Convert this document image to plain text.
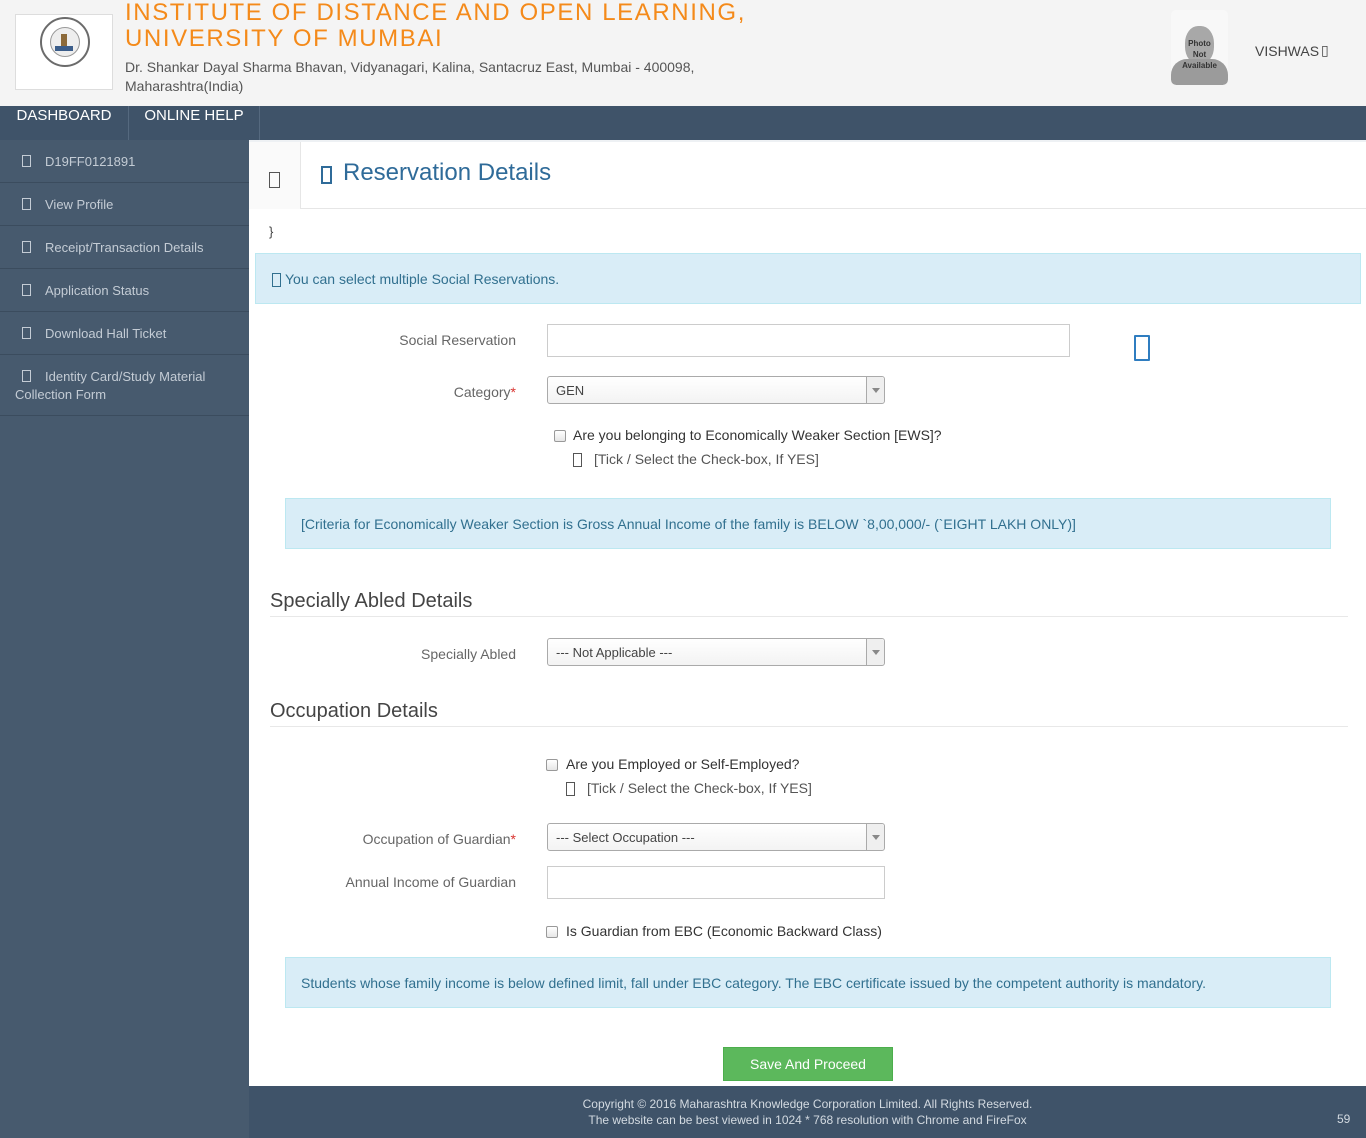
INSTITUTE OF DISTANCE AND OPEN LEARNING,
UNIVERSITY OF MUMBAI
Dr. Shankar Dayal Sharma Bhavan, Vidyanagari, Kalina, Santacruz East, Mumbai - 400098,
Maharashtra(India)
Photo
Not
Available
VISHWAS ▯
DASHBOARD	ONLINE HELP
D19FF0121891
View Profile
Receipt/Transaction Details
Application Status
Download Hall Ticket
Identity Card/Study Material
Collection Form
Reservation Details
}
You can select multiple Social Reservations.
Social Reservation
Category*	GEN
Are you belonging to Economically Weaker Section [EWS]?
[Tick / Select the Check-box, If YES]
[Criteria for Economically Weaker Section is Gross Annual Income of the family is BELOW `8,00,000/- (`EIGHT LAKH ONLY)]
Specially Abled Details
Specially Abled	--- Not Applicable ---
Occupation Details
Are you Employed or Self-Employed?
[Tick / Select the Check-box, If YES]
Occupation of Guardian*	--- Select Occupation ---
Annual Income of Guardian
Is Guardian from EBC (Economic Backward Class)
Students whose family income is below defined limit, fall under EBC category. The EBC certificate issued by the competent authority is mandatory.
Save And Proceed
Copyright © 2016 Maharashtra Knowledge Corporation Limited. All Rights Reserved.
The website can be best viewed in 1024 * 768 resolution with Chrome and FireFox	59
